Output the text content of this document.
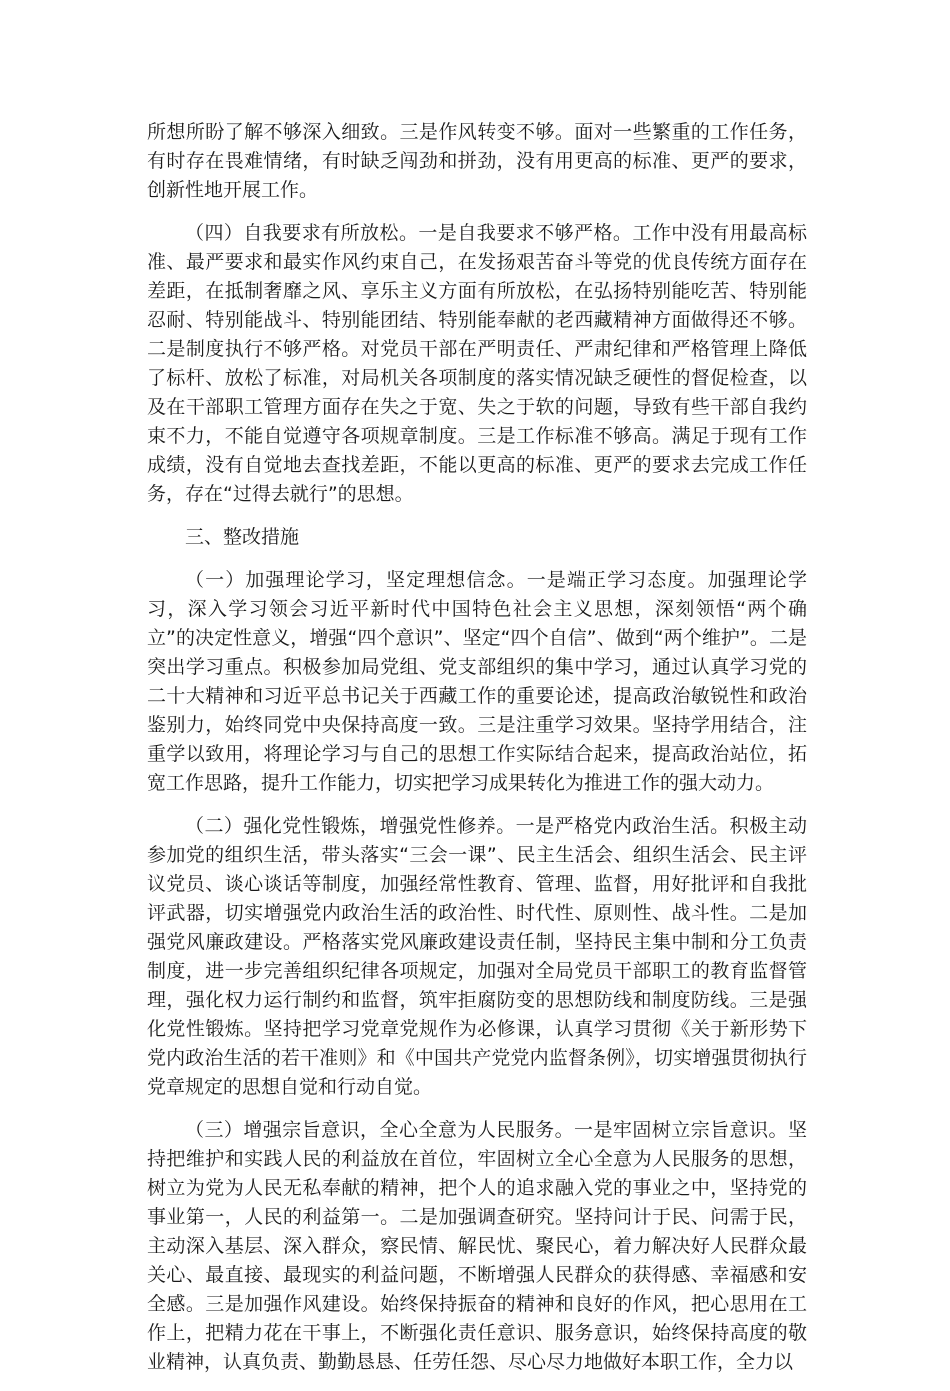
所想所盼了解不够深入细致。三是作风转变不够。面对一些繁重的工作任务，有时存在畏难情绪，有时缺乏闯劲和拼劲，没有用更高的标准、更严的要求，创新性地开展工作。

（四）自我要求有所放松。一是自我要求不够严格。工作中没有用最高标准、最严要求和最实作风约束自己，在发扬艰苦奋斗等党的优良传统方面存在差距，在抵制奢靡之风、享乐主义方面有所放松，在弘扬特别能吃苦、特别能忍耐、特别能战斗、特别能团结、特别能奉献的老西藏精神方面做得还不够。二是制度执行不够严格。对党员干部在严明责任、严肃纪律和严格管理上降低了标杆、放松了标准，对局机关各项制度的落实情况缺乏硬性的督促检查，以及在干部职工管理方面存在失之于宽、失之于软的问题，导致有些干部自我约束不力，不能自觉遵守各项规章制度。三是工作标准不够高。满足于现有工作成绩，没有自觉地去查找差距，不能以更高的标准、更严的要求去完成工作任务，存在“过得去就行”的思想。

三、整改措施

（一）加强理论学习，坚定理想信念。一是端正学习态度。加强理论学习，深入学习领会习近平新时代中国特色社会主义思想，深刻领悟“两个确立”的决定性意义，增强“四个意识”、坚定“四个自信”、做到“两个维护”。二是突出学习重点。积极参加局党组、党支部组织的集中学习，通过认真学习党的二十大精神和习近平总书记关于西藏工作的重要论述，提高政治敏锐性和政治鉴别力，始终同党中央保持高度一致。三是注重学习效果。坚持学用结合，注重学以致用，将理论学习与自己的思想工作实际结合起来，提高政治站位，拓宽工作思路，提升工作能力，切实把学习成果转化为推进工作的强大动力。

（二）强化党性锻炼，增强党性修养。一是严格党内政治生活。积极主动参加党的组织生活，带头落实“三会一课”、民主生活会、组织生活会、民主评议党员、谈心谈话等制度，加强经常性教育、管理、监督，用好批评和自我批评武器，切实增强党内政治生活的政治性、时代性、原则性、战斗性。二是加强党风廉政建设。严格落实党风廉政建设责任制，坚持民主集中制和分工负责制度，进一步完善组织纪律各项规定，加强对全局党员干部职工的教育监督管理，强化权力运行制约和监督，筑牢拒腐防变的思想防线和制度防线。三是强化党性锻炼。坚持把学习党章党规作为必修课，认真学习贯彻《关于新形势下党内政治生活的若干准则》和《中国共产党党内监督条例》，切实增强贯彻执行党章规定的思想自觉和行动自觉。

（三）增强宗旨意识，全心全意为人民服务。一是牢固树立宗旨意识。坚持把维护和实践人民的利益放在首位，牢固树立全心全意为人民服务的思想，树立为党为人民无私奉献的精神，把个人的追求融入党的事业之中，坚持党的事业第一，人民的利益第一。二是加强调查研究。坚持问计于民、问需于民，主动深入基层、深入群众，察民情、解民忧、聚民心，着力解决好人民群众最关心、最直接、最现实的利益问题，不断增强人民群众的获得感、幸福感和安全感。三是加强作风建设。始终保持振奋的精神和良好的作风，把心思用在工作上，把精力花在干事上，不断强化责任意识、服务意识，始终保持高度的敬业精神，认真负责、勤勤恳恳、任劳任怨、尽心尽力地做好本职工作，全力以
